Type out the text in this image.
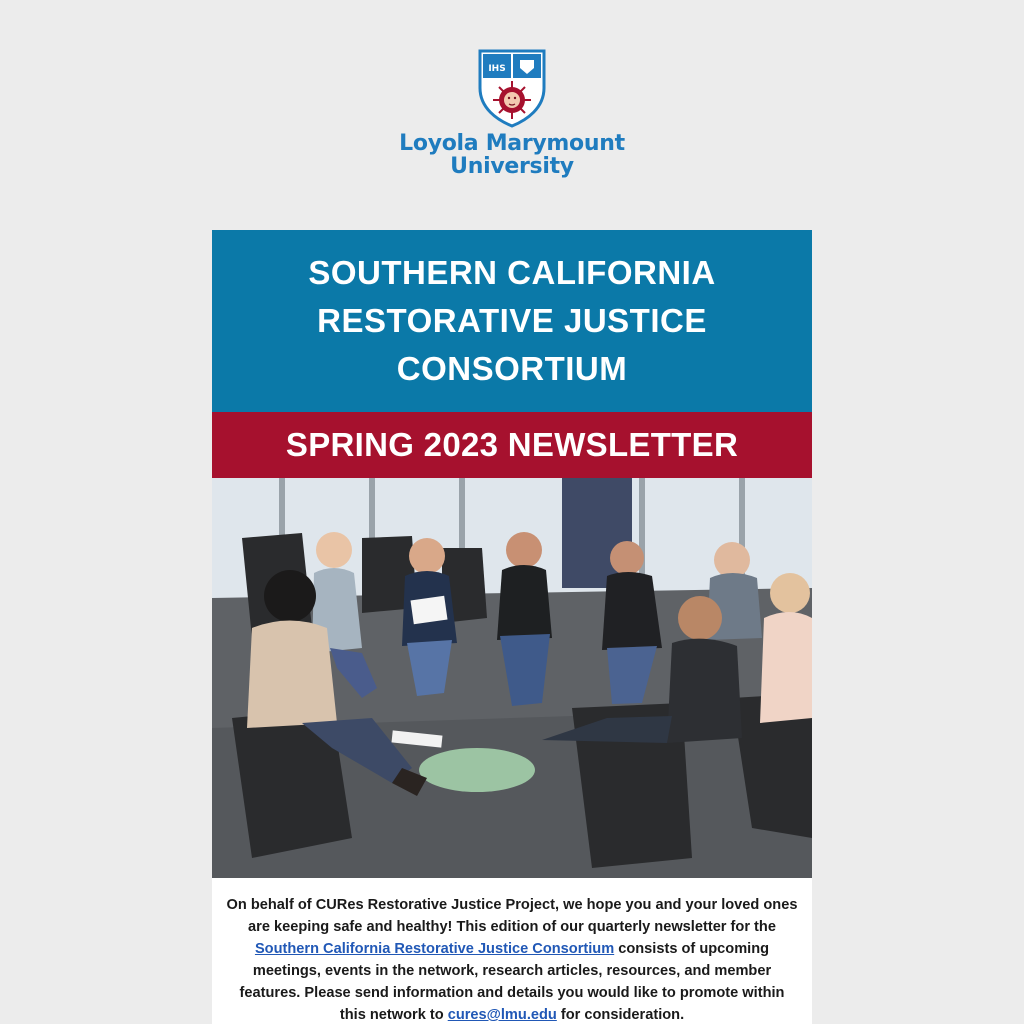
IHS
Loyola Marymount
University
SOUTHERN CALIFORNIA RESTORATIVE JUSTICE CONSORTIUM
SPRING 2023 NEWSLETTER
On behalf of CURes Restorative Justice Project, we hope you and your loved ones are keeping safe and healthy! This edition of our quarterly newsletter for the Southern California Restorative Justice Consortium consists of upcoming meetings, events in the network, research articles, resources, and member features. Please send information and details you would like to promote within this network to cures@lmu.edu for consideration.
